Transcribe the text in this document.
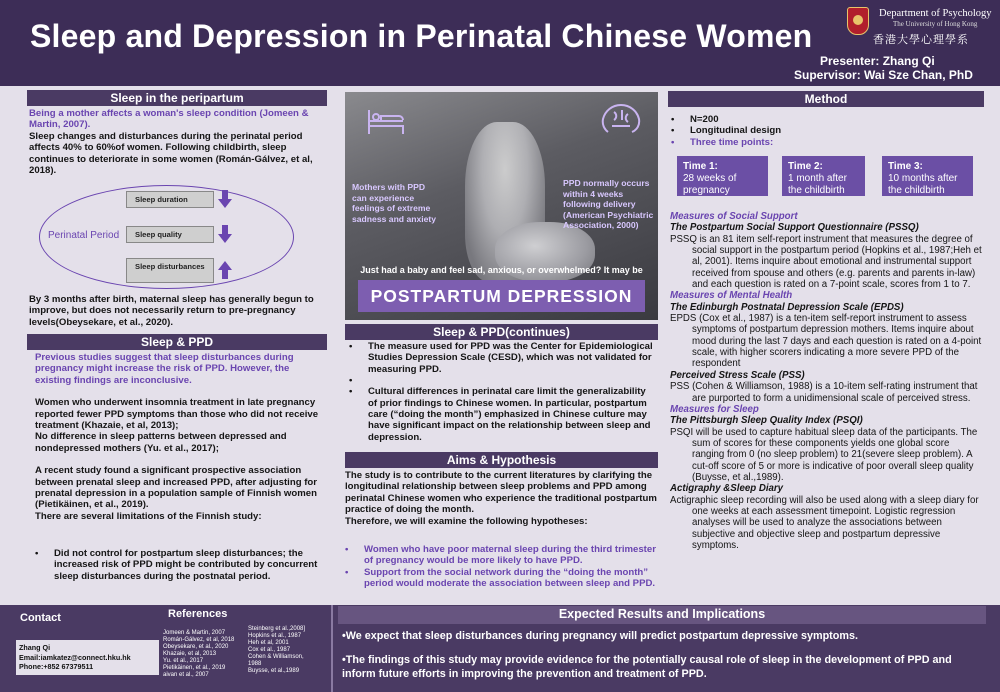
Sleep and Depression in Perinatal Chinese Women
Department of Psychology
The University of Hong Kong
香港大學心理學系
Presenter: Zhang Qi
Supervisor: Wai Sze Chan, PhD
Sleep in the peripartum

Being a mother affects a woman's sleep condition (Jomeen & Martin, 2007).

Sleep changes and disturbances during the perinatal period affects 40% to 60%of women. Following childbirth, sleep continues to deteriorate in some women (Román-Gálvez, et al, 2018).

Perinatal Period
Sleep duration
Sleep quality
Sleep disturbances
By 3 months after birth, maternal sleep has generally begun to improve, but does not necessarily return to pre-pregnancy levels(Obeysekare, et al., 2020).
Sleep & PPD

Previous studies suggest that sleep disturbances during pregnancy might increase the risk of PPD. However, the existing findings are inconclusive.

Women who underwent insomnia treatment in late pregnancy reported fewer PPD symptoms than those who did not receive treatment (Khazaie, et al, 2013);

No difference in sleep patterns between depressed and nondepressed mothers (Yu. et al., 2017);

A recent study found a significant prospective association between prenatal sleep and increased PPD, after adjusting for prenatal depression in a population sample of Finnish women (Pietikäinen, et al., 2019).

There are several limitations of the Finnish study:

• Did not control for postpartum sleep disturbances; the increased risk of PPD might be contributed by concurrent sleep disturbances during the postnatal period.
Mothers with PPD can experience feelings of extreme sadness and anxiety
PPD normally occurs within 4 weeks following delivery (American Psychiatric Association, 2000)
Just had a baby and feel sad, anxious, or overwhelmed? It may be
POSTPARTUM DEPRESSION
Sleep & PPD(continues)
• The measure used for PPD was the Center for Epidemiological Studies Depression Scale (CESD), which was not validated for measuring PPD.
•
• Cultural differences in perinatal care limit the generalizability of prior findings to Chinese women. In particular, postpartum care (“doing the month”) emphasized in Chinese culture may have significant impact on the relationship between sleep and depression.
Aims & Hypothesis

The study is to contribute to the current literatures by clarifying the longitudinal relationship between sleep problems and PPD among perinatal Chinese women who experience the traditional postpartum practice of doing the month.

Therefore, we will examine the following hypotheses:

• Women who have poor maternal sleep during the third trimester of pregnancy would be more likely to have PPD.
• Support from the social network during the “doing the month” period would moderate the association between sleep and PPD.
Method
• N=200
• Longitudinal design
• Three time points:
Time 1:
28 weeks of pregnancy
Time 2:
1 month after the childbirth
Time 3:
10 months after the childbirth
Measures of Social Support
The Postpartum Social Support Questionnaire (PSSQ)
PSSQ is an 81 item self-report instrument that measures the degree of social support in the postpartum period (Hopkins et al., 1987;Heh et al, 2001). Items inquire about emotional and instrumental support received from spouse and others (e.g. parents and parents in-law) and each question is rated on a 7-point scale, scores from 1 to 7.
Measures of Mental Health
The Edinburgh Postnatal Depression Scale (EPDS)
EPDS (Cox et al., 1987) is a ten-item self-report instrument to assess symptoms of postpartum depression mothers. Items inquire about mood during the last 7 days and each question is rated on a 4-point scale, with higher scorers indicating a more severe PPD of the respondent
Perceived Stress Scale (PSS)
PSS (Cohen & Williamson, 1988) is a 10-item self-rating instrument that are purported to form a unidimensional scale of perceived stress.
Measures for Sleep
The Pittsburgh Sleep Quality Index (PSQI)
PSQI will be used to capture habitual sleep data of the participants. The sum of scores for these components yields one global score ranging from 0 (no sleep problem) to 21(severe sleep problem). A cut-off score of 5 or more is indicative of poor overall sleep quality (Buysse, et al.,1989).
Actigraphy &Sleep Diary
Actigraphic sleep recording will also be used along with a sleep diary for one weeks at each assessment timepoint. Logistic regression analyses will be used to analyze the associations between subjective and objective sleep and postpartum depressive symptoms.
Contact	References
Zhang Qi
Email:iamkatez@connect.hku.hk
Phone:+852 67379511
Jomeen & Martin, 2007
Román-Gálvez, et al, 2018
Obeysekare, et al., 2020
Khazaie, et al, 2013
Yu. et al., 2017
Pietikäinen, et al., 2019
aivan et al., 2007
Steinberg et al.,2008]
Hopkins et al., 1987
Heh et al, 2001
Cox et al., 1987
Cohen & Williamson, 1988
Buysse, et al.,1989
Expected Results and Implications

•We expect that sleep disturbances during pregnancy will predict postpartum depressive symptoms.

•The findings of this study may provide evidence for the potentially causal role of sleep in the development of PPD and inform future efforts in improving the prevention and treatment of PPD.
